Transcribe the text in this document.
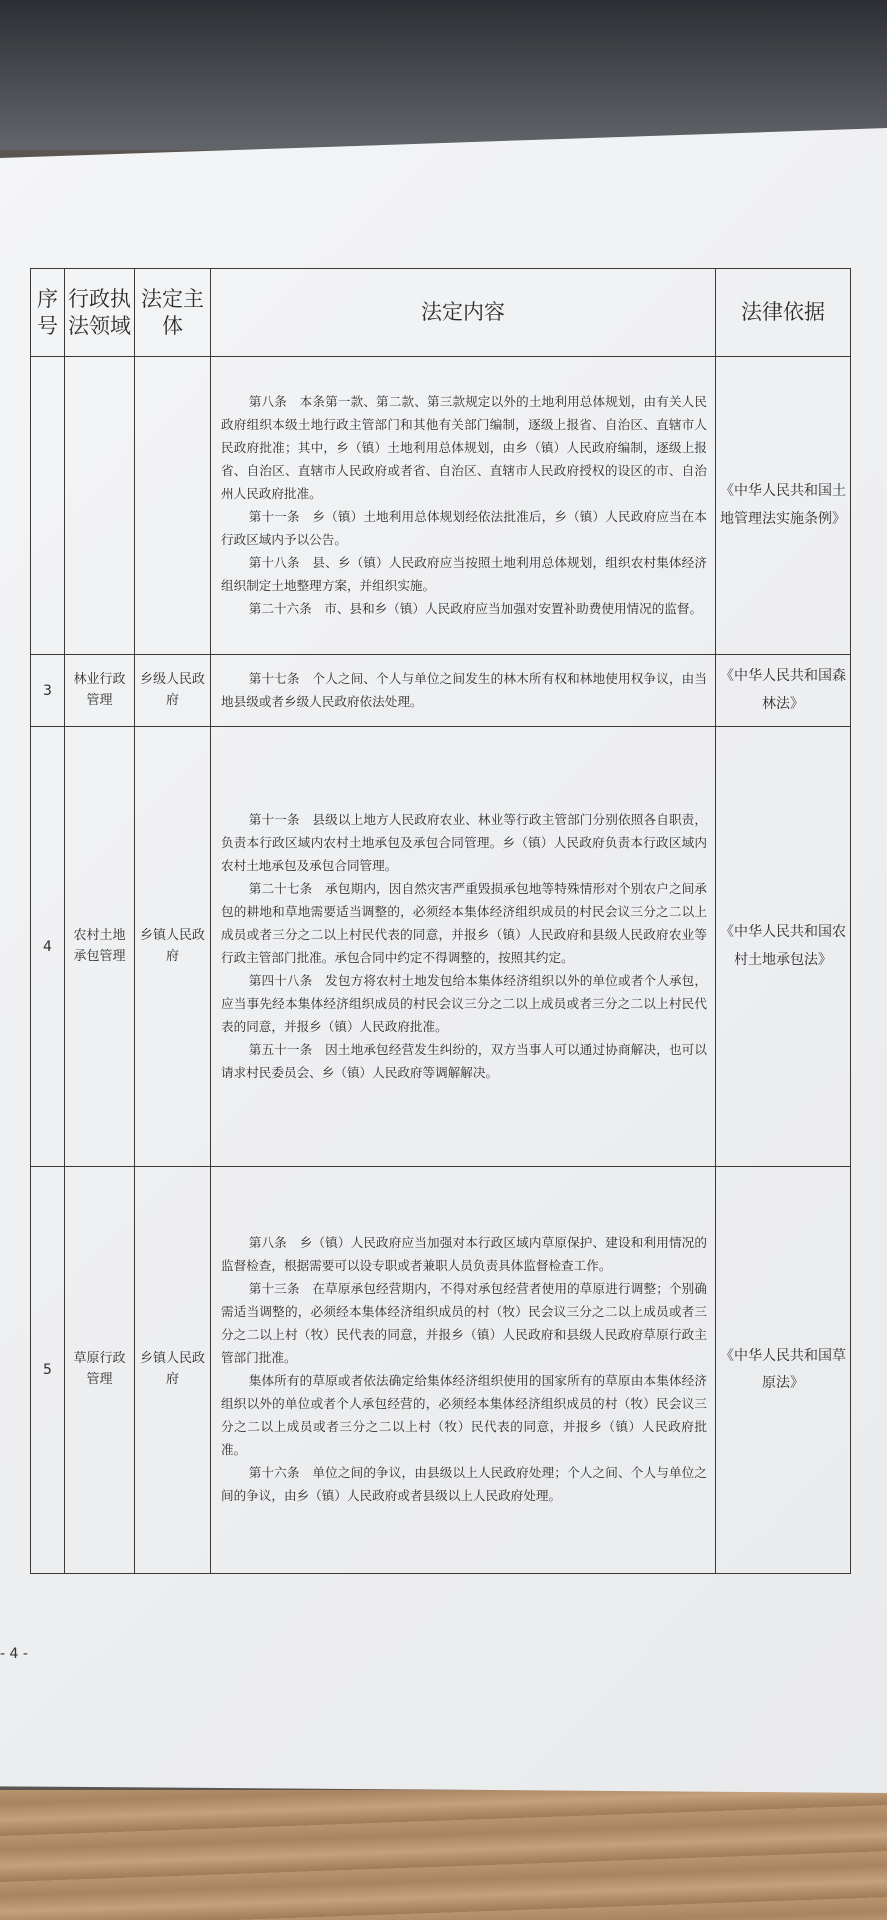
序号	行政执法领域	法定主体	法定内容	法律依据

			第八条　本条第一款、第二款、第三款规定以外的土地利用总体规划，由有关人民政府组织本级土地行政主管部门和其他有关部门编制，逐级上报省、自治区、直辖市人民政府批准；其中，乡（镇）土地利用总体规划，由乡（镇）人民政府编制，逐级上报省、自治区、直辖市人民政府或者省、自治区、直辖市人民政府授权的设区的市、自治州人民政府批准。

第十一条　乡（镇）土地利用总体规划经依法批准后，乡（镇）人民政府应当在本行政区域内予以公告。

第十八条　县、乡（镇）人民政府应当按照土地利用总体规划，组织农村集体经济组织制定土地整理方案，并组织实施。

第二十六条　市、县和乡（镇）人民政府应当加强对安置补助费使用情况的监督。	《中华人民共和国土地管理法实施条例》
3	林业行政管理	乡级人民政府	第十七条　个人之间、个人与单位之间发生的林木所有权和林地使用权争议，由当地县级或者乡级人民政府依法处理。	《中华人民共和国森林法》
4	农村土地承包管理	乡镇人民政府	第十一条　县级以上地方人民政府农业、林业等行政主管部门分别依照各自职责，负责本行政区域内农村土地承包及承包合同管理。乡（镇）人民政府负责本行政区域内农村土地承包及承包合同管理。

第二十七条　承包期内，因自然灾害严重毁损承包地等特殊情形对个别农户之间承包的耕地和草地需要适当调整的，必须经本集体经济组织成员的村民会议三分之二以上成员或者三分之二以上村民代表的同意，并报乡（镇）人民政府和县级人民政府农业等行政主管部门批准。承包合同中约定不得调整的，按照其约定。

第四十八条　发包方将农村土地发包给本集体经济组织以外的单位或者个人承包，应当事先经本集体经济组织成员的村民会议三分之二以上成员或者三分之二以上村民代表的同意，并报乡（镇）人民政府批准。

第五十一条　因土地承包经营发生纠纷的，双方当事人可以通过协商解决，也可以请求村民委员会、乡（镇）人民政府等调解解决。	《中华人民共和国农村土地承包法》
5	草原行政管理	乡镇人民政府	第八条　乡（镇）人民政府应当加强对本行政区域内草原保护、建设和利用情况的监督检查，根据需要可以设专职或者兼职人员负责具体监督检查工作。

第十三条　在草原承包经营期内，不得对承包经营者使用的草原进行调整；个别确需适当调整的，必须经本集体经济组织成员的村（牧）民会议三分之二以上成员或者三分之二以上村（牧）民代表的同意，并报乡（镇）人民政府和县级人民政府草原行政主管部门批准。

集体所有的草原或者依法确定给集体经济组织使用的国家所有的草原由本集体经济组织以外的单位或者个人承包经营的，必须经本集体经济组织成员的村（牧）民会议三分之二以上成员或者三分之二以上村（牧）民代表的同意，并报乡（镇）人民政府批准。

第十六条　单位之间的争议，由县级以上人民政府处理；个人之间、个人与单位之间的争议，由乡（镇）人民政府或者县级以上人民政府处理。	《中华人民共和国草原法》
- 4 -
